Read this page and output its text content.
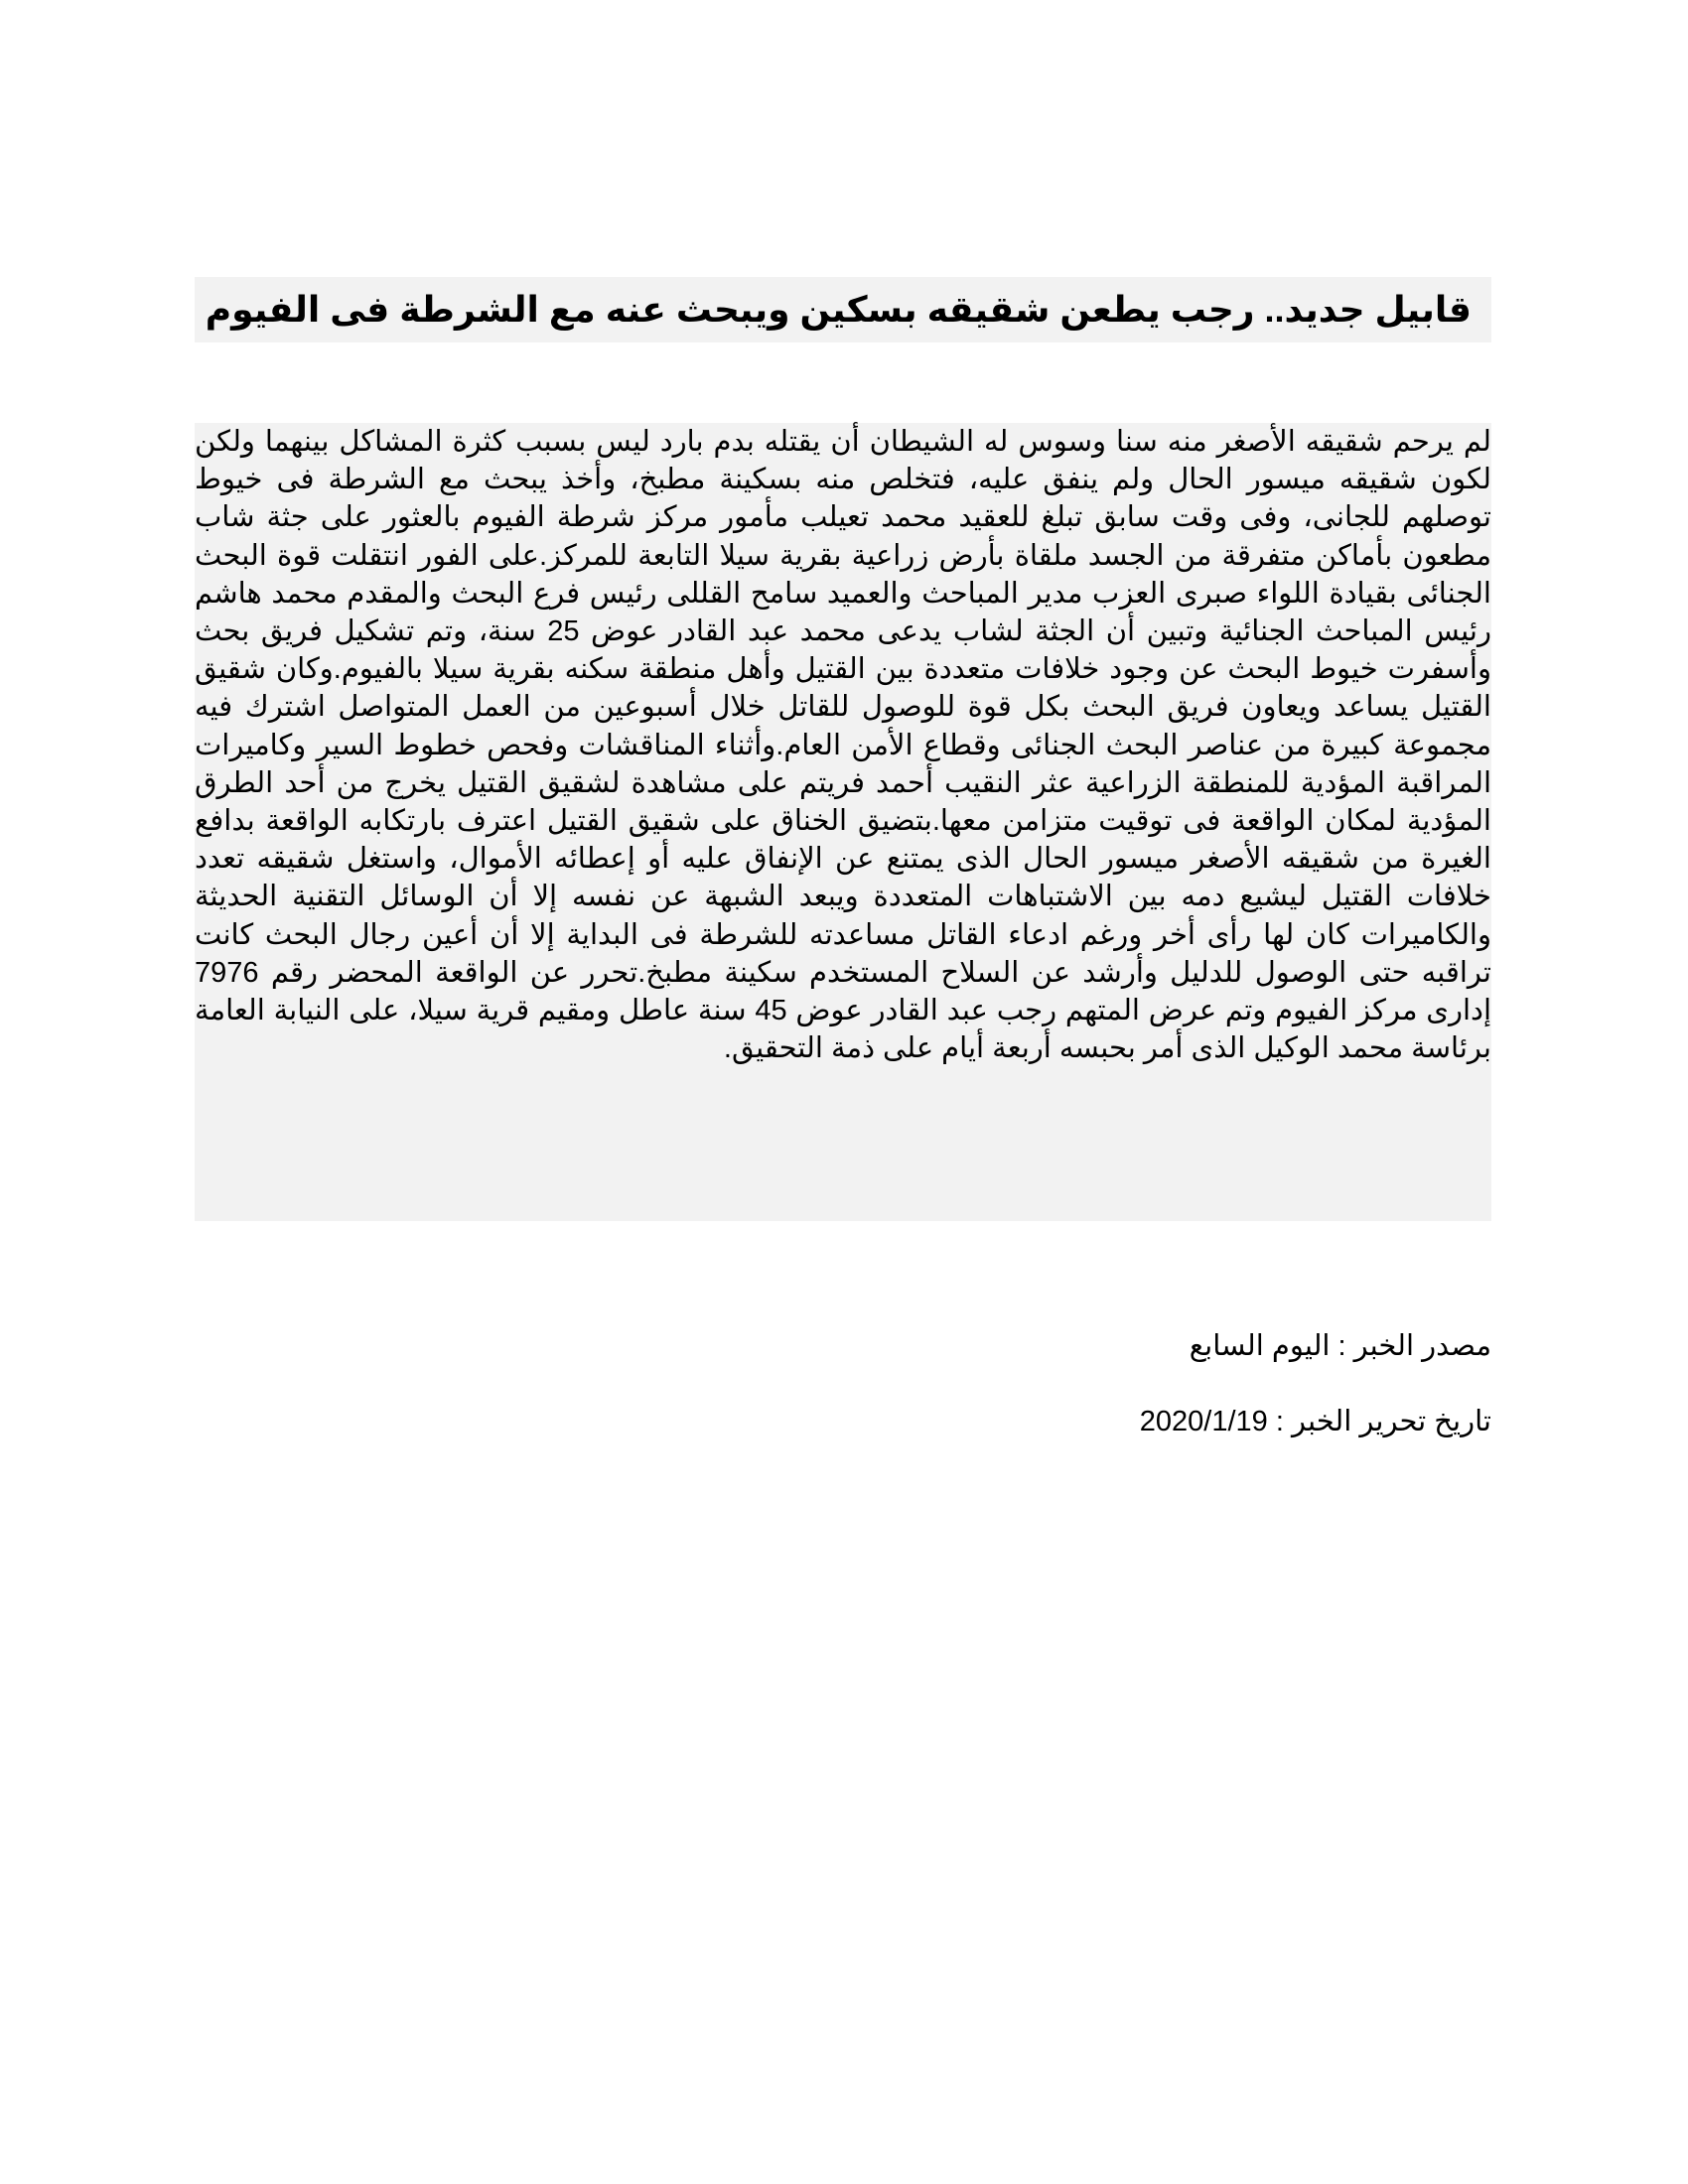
قابيل جديد.. رجب يطعن شقيقه بسكين ويبحث عنه مع الشرطة فى الفيوم

لم يرحم شقيقه الأصغر منه سنا وسوس له الشيطان أن يقتله بدم بارد ليس بسبب كثرة المشاكل بينهما ولكن لكون شقيقه ميسور الحال ولم ينفق عليه، فتخلص منه بسكينة مطبخ، وأخذ يبحث مع الشرطة فى خيوط توصلهم للجانى، وفى وقت سابق تبلغ للعقيد محمد تعيلب مأمور مركز شرطة الفيوم بالعثور على جثة شاب مطعون بأماكن متفرقة من الجسد ملقاة بأرض زراعية بقرية سيلا التابعة للمركز.على الفور انتقلت قوة البحث الجنائى بقيادة اللواء صبرى العزب مدير المباحث والعميد سامح القللى رئيس فرع البحث والمقدم محمد هاشم رئيس المباحث الجنائية وتبين أن الجثة لشاب يدعى محمد عبد القادر عوض 25 سنة، وتم تشكيل فريق بحث وأسفرت خيوط البحث عن وجود خلافات متعددة بين القتيل وأهل منطقة سكنه بقرية سيلا بالفيوم.وكان شقيق القتيل يساعد ويعاون فريق البحث بكل قوة للوصول للقاتل خلال أسبوعين من العمل المتواصل اشترك فيه مجموعة كبيرة من عناصر البحث الجنائى وقطاع الأمن العام.وأثناء المناقشات وفحص خطوط السير وكاميرات المراقبة المؤدية للمنطقة الزراعية عثر النقيب أحمد فريتم على مشاهدة لشقيق القتيل يخرج من أحد الطرق المؤدية لمكان الواقعة فى توقيت متزامن معها.بتضيق الخناق على شقيق القتيل اعترف بارتكابه الواقعة بدافع الغيرة من شقيقه الأصغر ميسور الحال الذى يمتنع عن الإنفاق عليه أو إعطائه الأموال، واستغل شقيقه تعدد خلافات القتيل ليشيع دمه بين الاشتباهات المتعددة ويبعد الشبهة عن نفسه إلا أن الوسائل التقنية الحديثة والكاميرات كان لها رأى أخر ورغم ادعاء القاتل مساعدته للشرطة فى البداية إلا أن أعين رجال البحث كانت تراقبه حتى الوصول للدليل وأرشد عن السلاح المستخدم سكينة مطبخ.تحرر عن الواقعة المحضر رقم 7976 إدارى مركز الفيوم وتم عرض المتهم رجب عبد القادر عوض 45 سنة عاطل ومقيم قرية سيلا، على النيابة العامة برئاسة محمد الوكيل الذى أمر بحبسه أربعة أيام على ذمة التحقيق.

مصدر الخبر : اليوم السابع
تاريخ تحرير الخبر : 2020/1/19
